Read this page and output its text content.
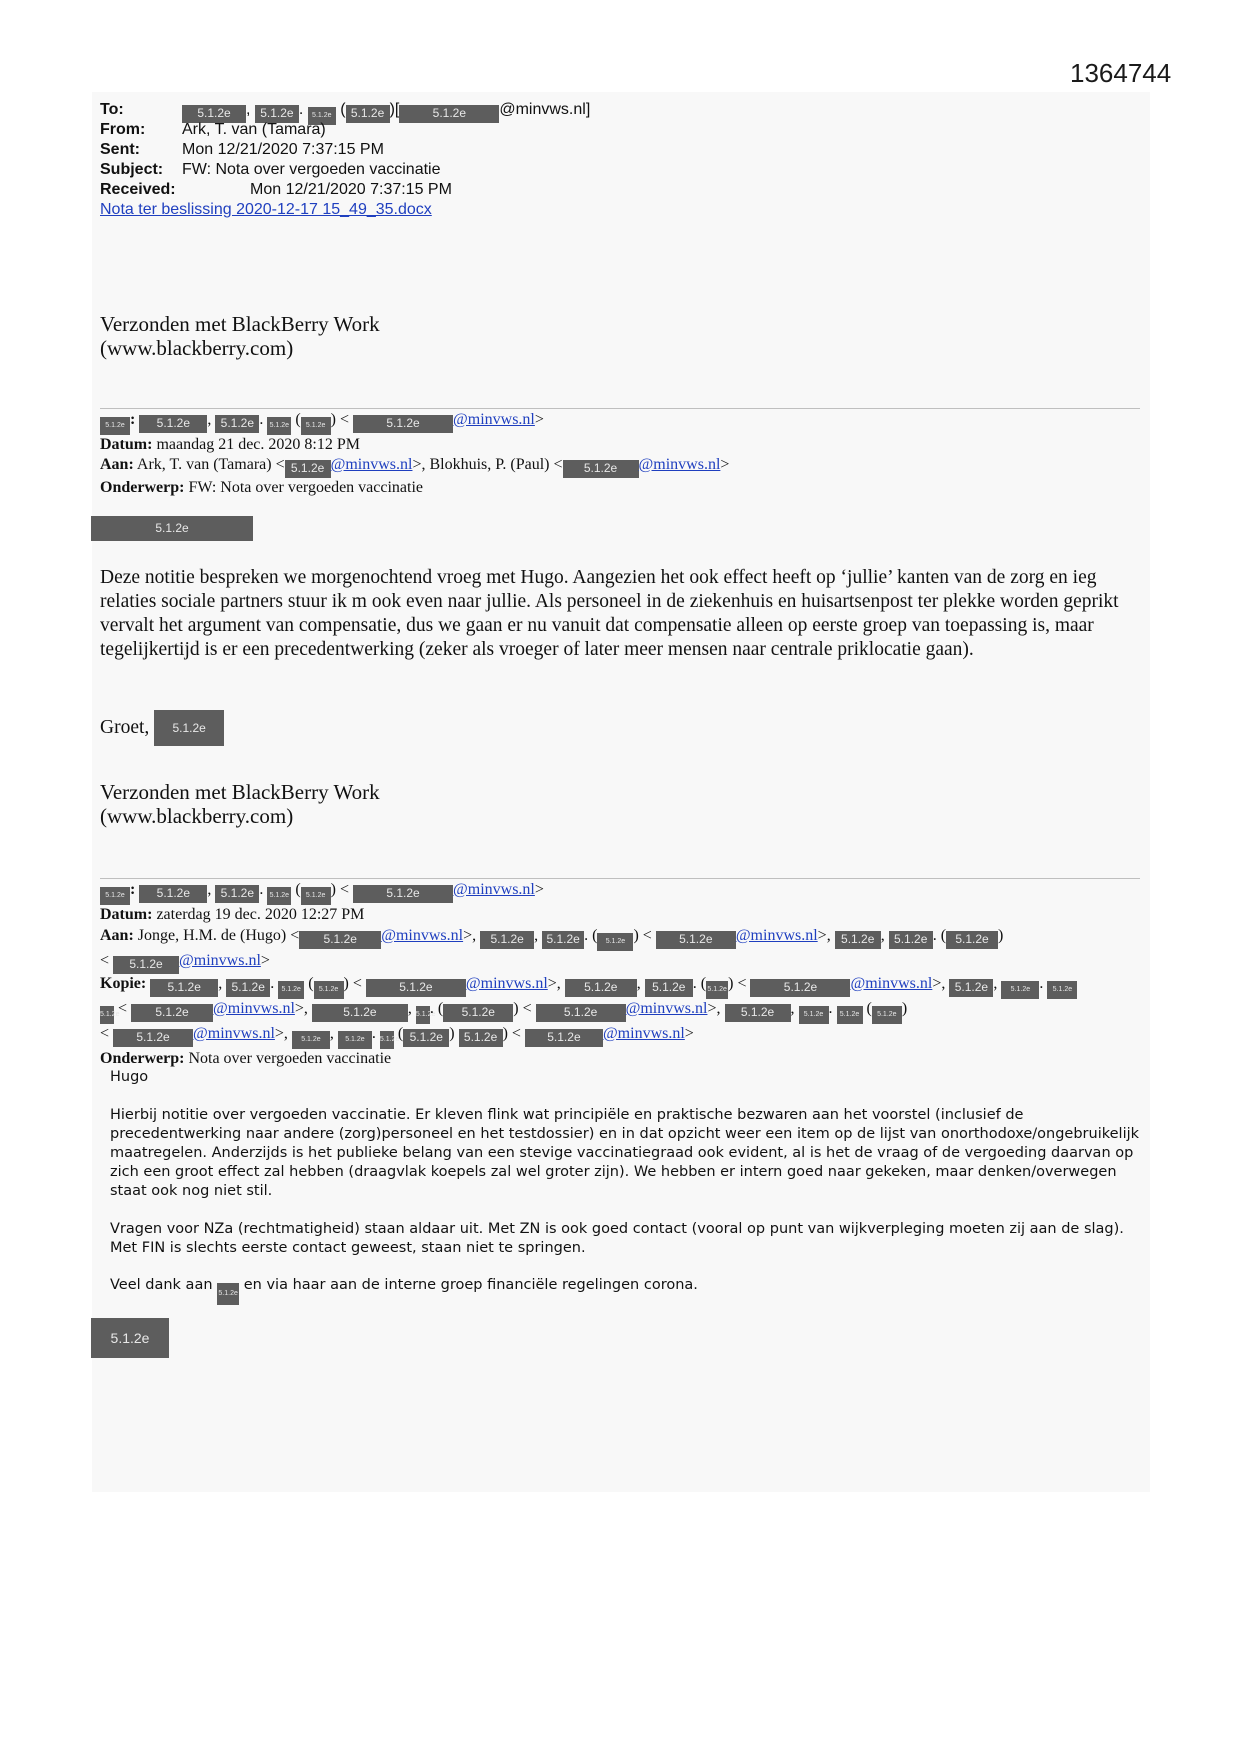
1364744
To:	5.1.2e , 5.1.2e . 5.1.2e ( 5.1.2e )[	5.1.2e @minvws.nl]
From: Ark, T. van (Tamara)
Sent:	Mon 12/21/2020 7:37:15 PM
Subject: FW: Nota over vergoeden vaccinatie
Received:	Mon 12/21/2020 7:37:15 PM
Nota ter beslissing 2020-12-17 15_49_35.docx
Verzonden met BlackBerry Work
(www.blackberry.com)
5.1.2e : 5.1.2e , 5.1.2e . 5.1.2e ( 5.1.2e ) <	5.1.2e @minvws.nl>
Datum: maandag 21 dec. 2020 8:12 PM
Aan: Ark, T. van (Tamara) < 5.1.2e @minvws.nl>, Blokhuis, P. (Paul) < 5.1.2e @minvws.nl>
Onderwerp: FW: Nota over vergoeden vaccinatie
5.1.2e
Deze notitie bespreken we morgenochtend vroeg met Hugo. Aangezien het ook effect heeft op ‘jullie’ kanten van de zorg en ieg relaties sociale partners stuur ik m ook even naar jullie. Als personeel in de ziekenhuis en huisartsenpost ter plekke worden geprikt vervalt het argument van compensatie, dus we gaan er nu vanuit dat compensatie alleen op eerste groep van toepassing is, maar tegelijkertijd is er een precedentwerking (zeker als vroeger of later meer mensen naar centrale priklocatie gaan).
Groet, 5.1.2e
Verzonden met BlackBerry Work
(www.blackberry.com)
5.1.2e : 5.1.2e , 5.1.2e . 5.1.2e ( 5.1.2e ) <	5.1.2e @minvws.nl>
Datum: zaterdag 19 dec. 2020 12:27 PM
Aan: Jonge, H.M. de (Hugo) < 5.1.2e @minvws.nl>, 5.1.2e , 5.1.2e . ( 5.1.2e ) < 5.1.2e @minvws.nl>, 5.1.2e , 5.1.2e . ( 5.1.2e )
< 5.1.2e @minvws.nl>
Kopie: 5.1.2e , 5.1.2e . 5.1.2e ( 5.1.2e ) <	5.1.2e @minvws.nl>, 5.1.2e , 5.1.2e . (5.1.2e) <	5.1.2e @minvws.nl>, 5.1.2e , 5.1.2e . 5.1.2e
5.1.2e < 5.1.2e @minvws.nl>,	5.1.2e , 5.1.2e. ( 5.1.2e ) < 5.1.2e @minvws.nl>, 5.1.2e , 5.1.2e . 5.1.2e ( 5.1.2e )
< 5.1.2e @minvws.nl>, 5.1.2e , 5.1.2e . 5.1.2e ( 5.1.2e ) 5.1.2e ) < 5.1.2e @minvws.nl>
Onderwerp: Nota over vergoeden vaccinatie
Hugo
Hierbij notitie over vergoeden vaccinatie. Er kleven flink wat principiële en praktische bezwaren aan het voorstel (inclusief de precedentwerking naar andere (zorg)personeel en het testdossier) en in dat opzicht weer een item op de lijst van onorthodoxe/ongebruikelijk maatregelen. Anderzijds is het publieke belang van een stevige vaccinatiegraad ook evident, al is het de vraag of de vergoeding daarvan op zich een groot effect zal hebben (draagvlak koepels zal wel groter zijn). We hebben er intern goed naar gekeken, maar denken/overwegen staat ook nog niet stil.
Vragen voor NZa (rechtmatigheid) staan aldaar uit. Met ZN is ook goed contact (vooral op punt van wijkverpleging moeten zij aan de slag). Met FIN is slechts eerste contact geweest, staan niet te springen.
Veel dank aan 5.1.2e en via haar aan de interne groep financiële regelingen corona.
5.1.2e
